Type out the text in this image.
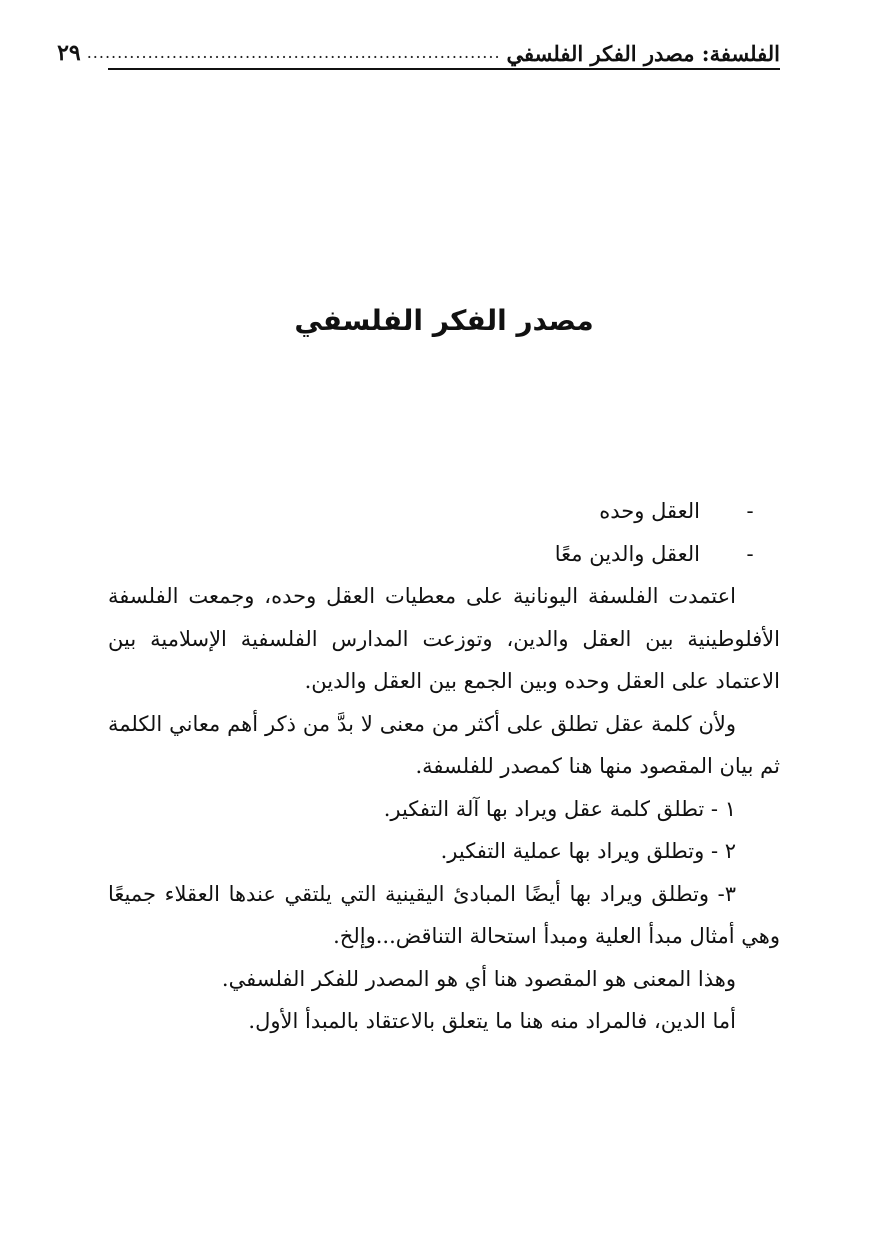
الفلسفة: مصدر الفكر الفلسفي
....................................................................
٢٩
مصدر الفكر الفلسفي
-
العقل وحده
-
العقل والدين معًا

اعتمدت الفلسفة اليونانية على معطيات العقل وحده، وجمعت الفلسفة الأفلوطينية بين العقل والدين، وتوزعت المدارس الفلسفية الإسلامية بين الاعتماد على العقل وحده وبين الجمع بين العقل والدين.

ولأن كلمة عقل تطلق على أكثر من معنى لا بدَّ من ذكر أهم معاني الكلمة ثم بيان المقصود منها هنا كمصدر للفلسفة.

١ - تطلق كلمة عقل ويراد بها آلة التفكير.

٢ - وتطلق ويراد بها عملية التفكير.

٣- وتطلق ويراد بها أيضًا المبادئ اليقينية التي يلتقي عندها العقلاء جميعًا وهي أمثال مبدأ العلية ومبدأ استحالة التناقض...وإلخ.

وهذا المعنى هو المقصود هنا أي هو المصدر للفكر الفلسفي.

أما الدين، فالمراد منه هنا ما يتعلق بالاعتقاد بالمبدأ الأول.
